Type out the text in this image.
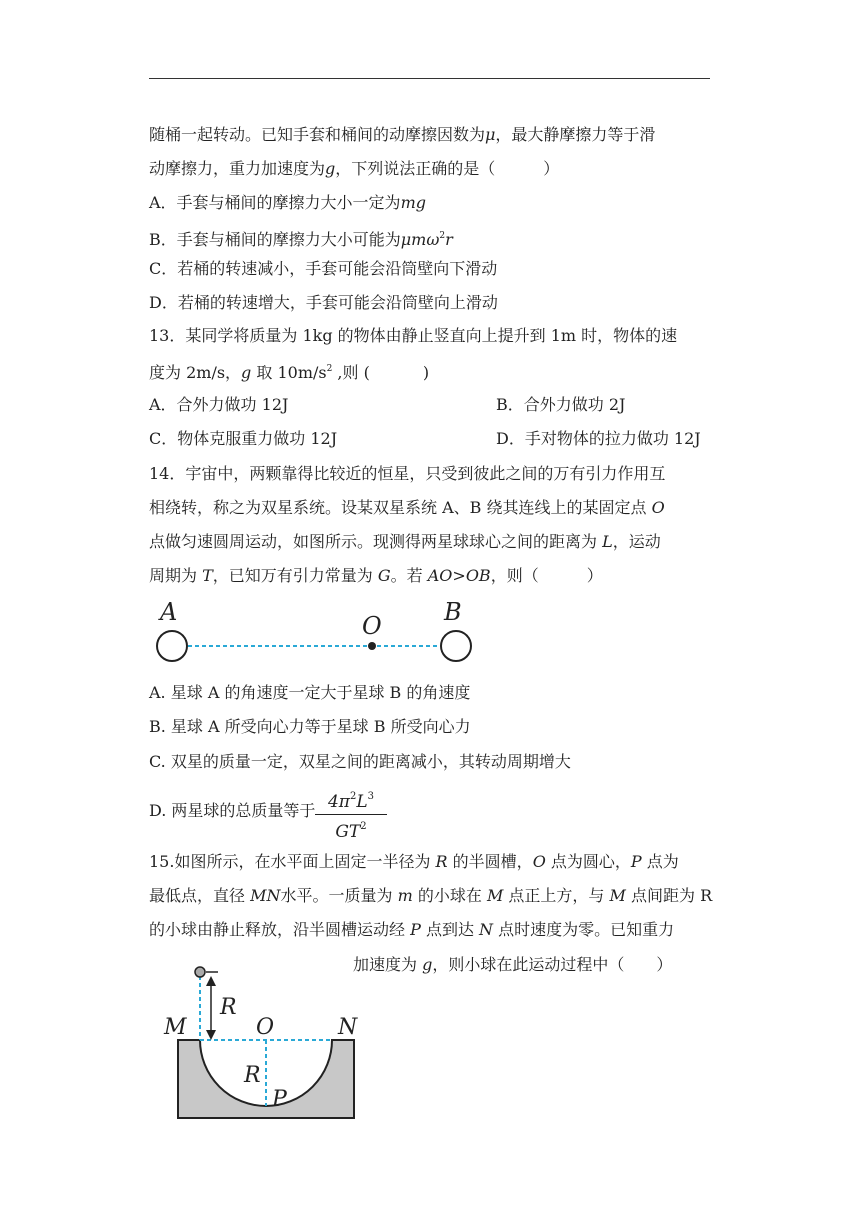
随桶一起转动。已知手套和桶间的动摩擦因数为μ，最大静摩擦力等于滑
动摩擦力，重力加速度为g，下列说法正确的是（　　　）
A．手套与桶间的摩擦力大小一定为mg
B．手套与桶间的摩擦力大小可能为μmω$^2$r
C．若桶的转速减小，手套可能会沿筒壁向下滑动
D．若桶的转速增大，手套可能会沿筒壁向上滑动
13．某同学将质量为 1kg 的物体由静止竖直向上提升到 1m 时，物体的速
度为 2m/s，g 取 $10m/s^2$ ,则 (　　　 )
A．合外力做功 12J	B．合外力做功 2J
C．物体克服重力做功 12J	D．手对物体的拉力做功 12J
14．宇宙中，两颗靠得比较近的恒星，只受到彼此之间的万有引力作用互
相绕转，称之为双星系统。设某双星系统 A、B 绕其连线上的某固定点 O
点做匀速圆周运动，如图所示。现测得两星球球心之间的距离为 L，运动
周期为 T，已知万有引力常量为 G。若 AO>OB，则（　　　）
A	O	B
A. 星球 A 的角速度一定大于星球 B 的角速度
B. 星球 A 所受向心力等于星球 B 所受向心力
C. 双星的质量一定，双星之间的距离减小，其转动周期增大
D. 两星球的总质量等于 $4\pi^2L^3$
$GT^2$
15.如图所示，在水平面上固定一半径为 R 的半圆槽，O 点为圆心，P 点为
最低点，直径 MN水平。一质量为 m 的小球在 M 点正上方，与 M 点间距为 R
的小球由静止释放，沿半圆槽运动经 P 点到达 N 点时速度为零。已知重力
加速度为 g，则小球在此运动过程中（　　）
R
M	O	N
R
P
